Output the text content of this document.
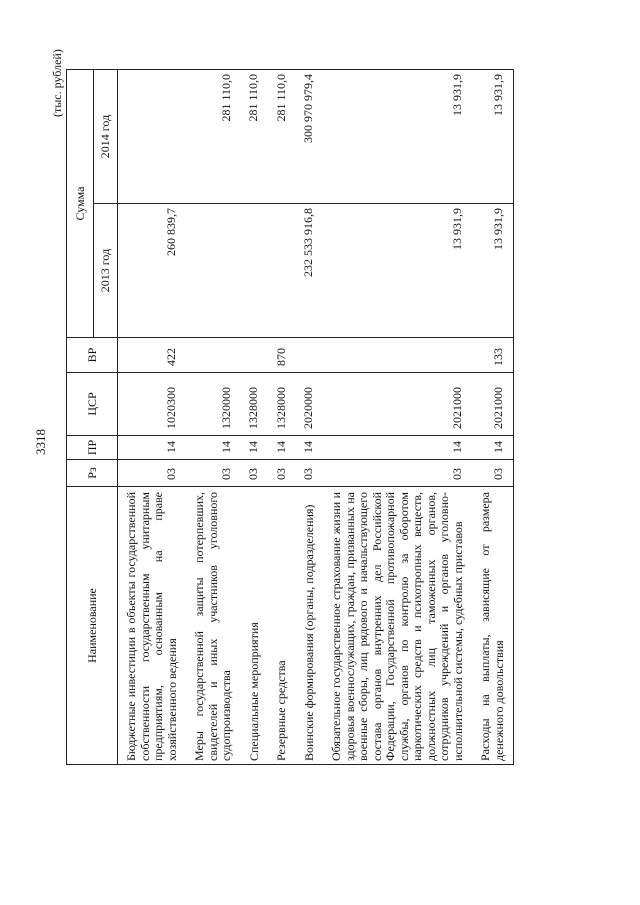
3318
(тыс. рублей)
Наименование	Рз	ПР	ЦСР	ВР	Сумма	
					2013 год	2014 год
Бюджетные инвестиции в объекты государственной собственности государственным унитарным предприятиям, основанным на праве хозяйственного ведения	03	14	1020300	422	260 839,7	
Меры государственной защиты потерпевших, свидетелей и иных участников уголовного судопроизводства	03	14	1320000			281 110,0
Специальные мероприятия	03	14	1328000			281 110,0
Резервные средства	03	14	1328000	870		281 110,0
Воинские формирования (органы, подразделения)	03	14	2020000		232 533 916,8	300 970 979,4
Обязательное государственное страхование жизни и здоровья военнослужащих, граждан, призванных на военные сборы, лиц рядового и начальствующего состава органов внутренних дел Российской Федерации, Государственной противопожарной службы, органов по контролю за оборотом наркотических средств и психотропных веществ, должностных лиц таможенных органов, сотрудников учреждений и органов уголовно-исполнительной системы, судебных приставов	03	14	2021000		13 931,9	13 931,9
Расходы на выплаты, зависящие от размера денежного довольствия	03	14	2021000	133	13 931,9	13 931,9
